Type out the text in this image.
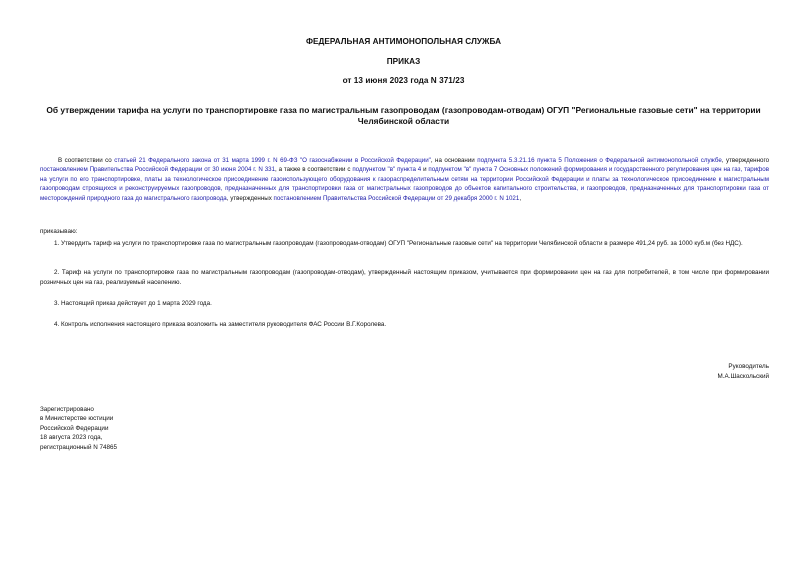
ФЕДЕРАЛЬНАЯ АНТИМОНОПОЛЬНАЯ СЛУЖБА
ПРИКАЗ
от 13 июня 2023 года N 371/23
Об утверждении тарифа на услуги по транспортировке газа по магистральным газопроводам (газопроводам-отводам) ОГУП "Региональные газовые сети" на территории Челябинской области
В соответствии со статьей 21 Федерального закона от 31 марта 1999 г. N 69-ФЗ "О газоснабжении в Российской Федерации", на основании подпункта 5.3.21.16 пункта 5 Положения о Федеральной антимонопольной службе, утвержденного постановлением Правительства Российской Федерации от 30 июня 2004 г. N 331, а также в соответствии с подпунктом "в" пункта 4 и подпунктом "в" пункта 7 Основных положений формирования и государственного регулирования цен на газ, тарифов на услуги по его транспортировке, платы за технологическое присоединение газоиспользующего оборудования к газораспределительным сетям на территории Российской Федерации и платы за технологическое присоединение к магистральным газопроводам строящихся и реконструируемых газопроводов, предназначенных для транспортировки газа от магистральных газопроводов до объектов капитального строительства, и газопроводов, предназначенных для транспортировки газа от месторождений природного газа до магистрального газопровода, утвержденных постановлением Правительства Российской Федерации от 29 декабря 2000 г. N 1021,
приказываю:
1. Утвердить тариф на услуги по транспортировке газа по магистральным газопроводам (газопроводам-отводам) ОГУП "Региональные газовые сети" на территории Челябинской области в размере 491,24 руб. за 1000 куб.м (без НДС).
2. Тариф на услуги по транспортировке газа по магистральным газопроводам (газопроводам-отводам), утвержденный настоящим приказом, учитывается при формировании цен на газ для потребителей, в том числе при формировании розничных цен на газ, реализуемый населению.
3. Настоящий приказ действует до 1 марта 2029 года.
4. Контроль исполнения настоящего приказа возложить на заместителя руководителя ФАС России В.Г.Королева.
Руководитель
М.А.Шаскольский
Зарегистрировано
в Министерстве юстиции
Российской Федерации
18 августа 2023 года,
регистрационный N 74865
